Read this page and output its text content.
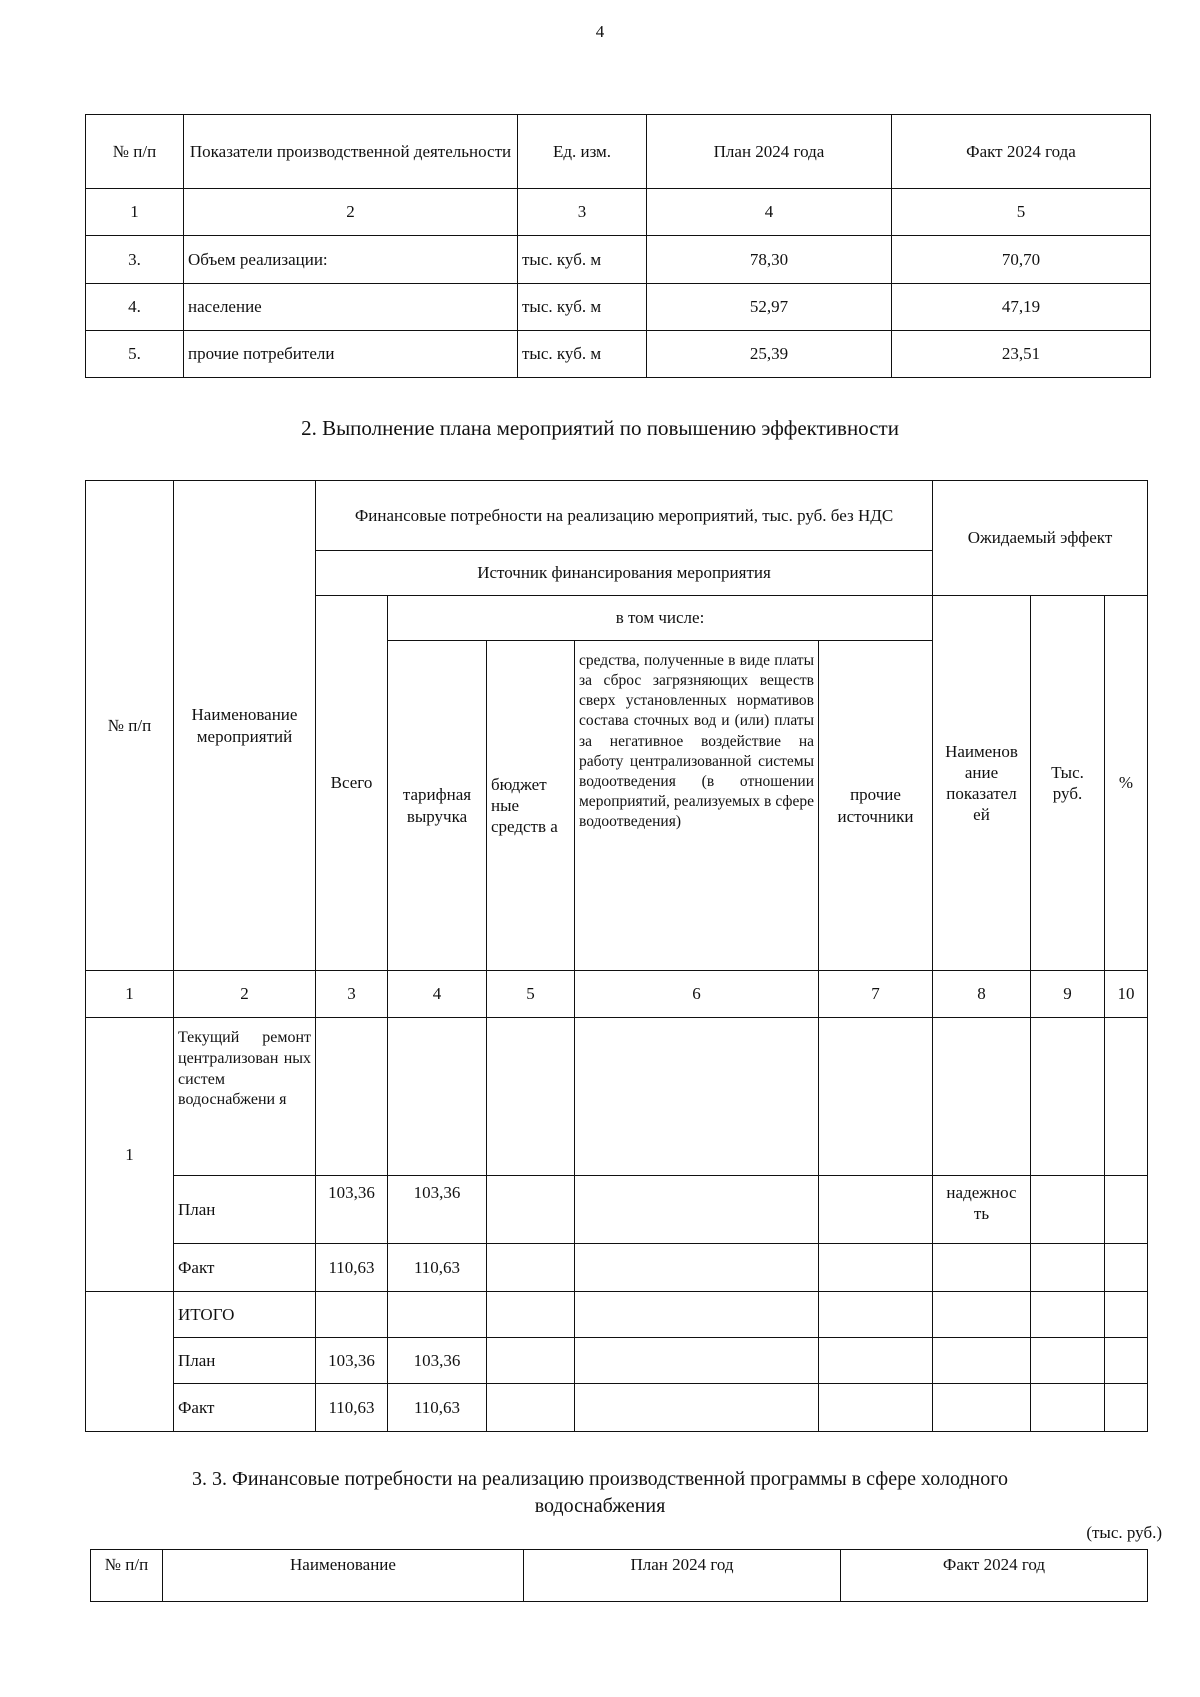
4
№ п/п	Показатели производственной деятельности	Ед. изм.	План 2024 года	Факт 2024 года
1	2	3	4	5
3.	Объем реализации:	тыс. куб. м	78,30	70,70
4.	население	тыс. куб. м	52,97	47,19
5.	прочие потребители	тыс. куб. м	25,39	23,51
2. Выполнение плана мероприятий по повышению эффективности
№ п/п	Наименование мероприятий	Финансовые потребности на реализацию мероприятий, тыс. руб. без НДС					Ожидаемый эффект		
		Источник финансирования мероприятия							
		Всего	в том числе:				Наименов ание показател ей	Тыс. руб.	%
			тарифная выручка	бюджет ные средств а	средства, полученные в виде платы за сброс загрязняющих веществ сверх установленных нормативов состава сточных вод и (или) платы за негативное воздействие на работу централизованной системы водоотведения (в отношении мероприятий, реализуемых в сфере водоотведения)	прочие источники			
1	2	3	4	5	6	7	8	9	10
1	Текущий ремонт централизован ных систем водоснабжени я								
	План	103,36	103,36				надежнос ть		
	Факт	110,63	110,63						
	ИТОГО								
	План	103,36	103,36						
	Факт	110,63	110,63						
3. 3. Финансовые потребности на реализацию производственной программы в сфере холодного
водоснабжения
(тыс. руб.)
№ п/п	Наименование	План 2024 год	Факт 2024 год
